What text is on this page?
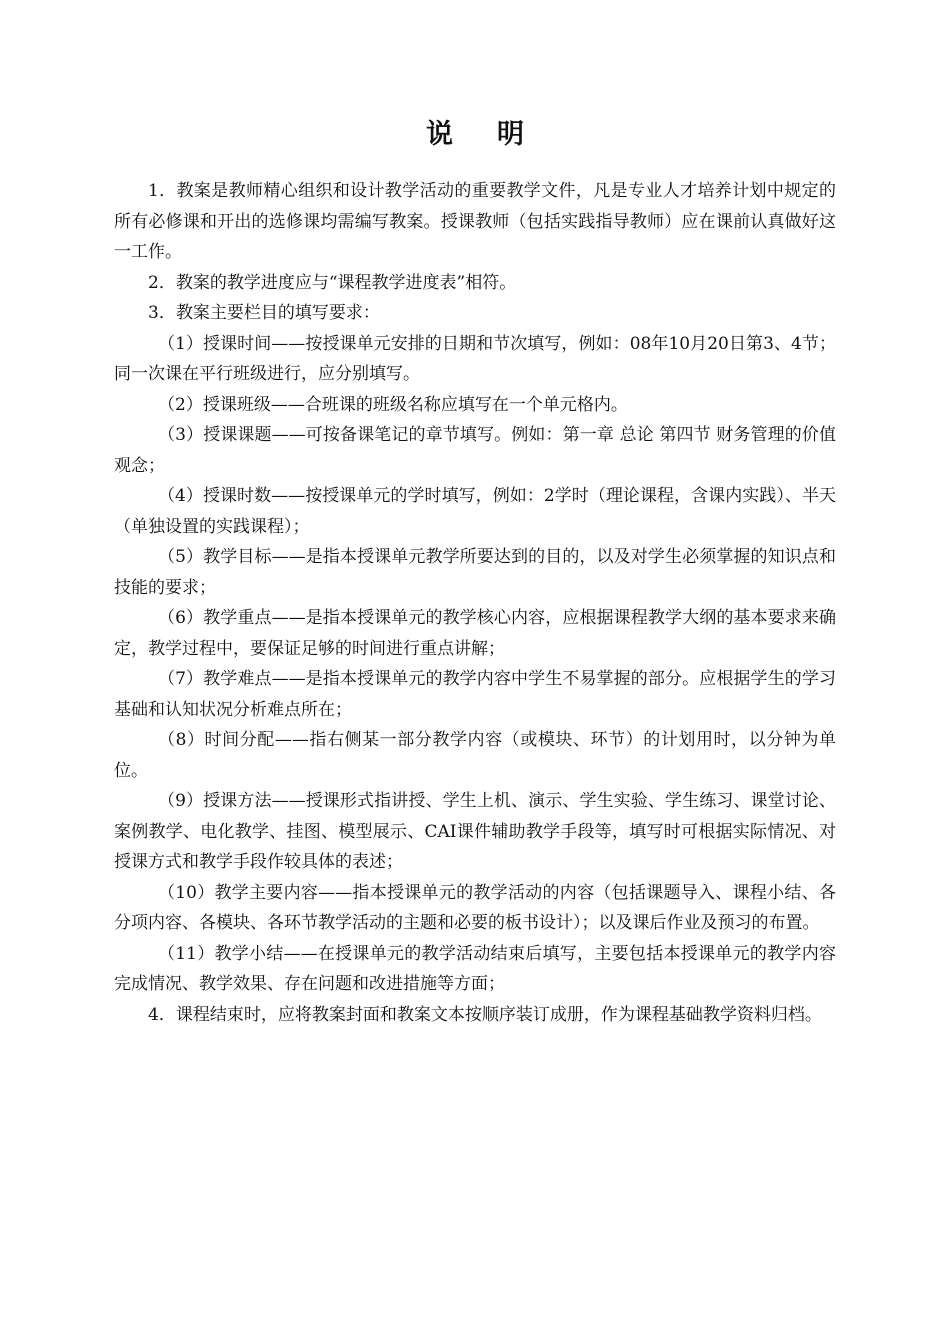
说 明

1．教案是教师精心组织和设计教学活动的重要教学文件，凡是专业人才培养计划中规定的所有必修课和开出的选修课均需编写教案。授课教师（包括实践指导教师）应在课前认真做好这一工作。

2．教案的教学进度应与“课程教学进度表”相符。

3．教案主要栏目的填写要求：

（1）授课时间——按授课单元安排的日期和节次填写，例如：08年10月20日第3、4节；同一次课在平行班级进行，应分别填写。

（2）授课班级——合班课的班级名称应填写在一个单元格内。

（3）授课课题——可按备课笔记的章节填写。例如：第一章 总论 第四节 财务管理的价值观念；

（4）授课时数——按授课单元的学时填写，例如：2学时（理论课程，含课内实践）、半天（单独设置的实践课程）；

（5）教学目标——是指本授课单元教学所要达到的目的，以及对学生必须掌握的知识点和技能的要求；

（6）教学重点——是指本授课单元的教学核心内容，应根据课程教学大纲的基本要求来确定，教学过程中，要保证足够的时间进行重点讲解；

（7）教学难点——是指本授课单元的教学内容中学生不易掌握的部分。应根据学生的学习基础和认知状况分析难点所在；

（8）时间分配——指右侧某一部分教学内容（或模块、环节）的计划用时，以分钟为单位。

（9）授课方法——授课形式指讲授、学生上机、演示、学生实验、学生练习、课堂讨论、案例教学、电化教学、挂图、模型展示、CAI课件辅助教学手段等，填写时可根据实际情况、对授课方式和教学手段作较具体的表述；

（10）教学主要内容——指本授课单元的教学活动的内容（包括课题导入、课程小结、各分项内容、各模块、各环节教学活动的主题和必要的板书设计）；以及课后作业及预习的布置。

（11）教学小结——在授课单元的教学活动结束后填写，主要包括本授课单元的教学内容完成情况、教学效果、存在问题和改进措施等方面；

4．课程结束时，应将教案封面和教案文本按顺序装订成册，作为课程基础教学资料归档。
